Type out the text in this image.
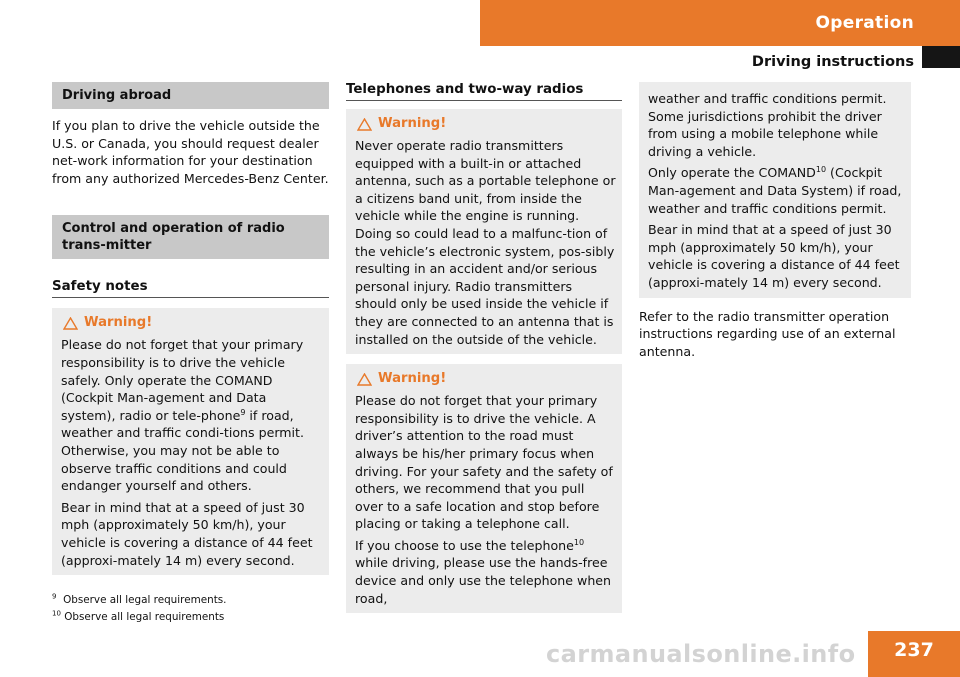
Operation
Driving instructions
Driving abroad

If you plan to drive the vehicle outside the U.S. or Canada, you should request dealer net-work information for your destination from any authorized Mercedes-Benz Center.

Control and operation of radio trans-mitter
Safety notes
Warning!

Please do not forget that your primary responsibility is to drive the vehicle safely. Only operate the COMAND (Cockpit Man-agement and Data system), radio or tele-phone$^9$ if road, weather and traffic condi-tions permit. Otherwise, you may not be able to observe traffic conditions and could endanger yourself and others.

Bear in mind that at a speed of just 30 mph (approximately 50 km/h), your vehicle is covering a distance of 44 feet (approxi-mately 14 m) every second.

Telephones and two-way radios
Warning!

Never operate radio transmitters equipped with a built-in or attached antenna, such as a portable telephone or a citizens band unit, from inside the vehicle while the engine is running. Doing so could lead to a malfunc-tion of the vehicle’s electronic system, pos-sibly resulting in an accident and/or serious personal injury. Radio transmitters should only be used inside the vehicle if they are connected to an antenna that is installed on the outside of the vehicle.

Warning!

Please do not forget that your primary responsibility is to drive the vehicle. A driver’s attention to the road must always be his/her primary focus when driving. For your safety and the safety of others, we recommend that you pull over to a safe location and stop before placing or taking a telephone call.

If you choose to use the telephone$^{10}$ while driving, please use the hands-free device and only use the telephone when road,

weather and traffic conditions permit. Some jurisdictions prohibit the driver from using a mobile telephone while driving a vehicle.

Only operate the COMAND$^{10}$ (Cockpit Man-agement and Data System) if road, weather and traffic conditions permit.

Bear in mind that at a speed of just 30 mph (approximately 50 km/h), your vehicle is covering a distance of 44 feet (approxi-mately 14 m) every second.

Refer to the radio transmitter operation instructions regarding use of an external antenna.

$^9$ Observe all legal requirements.
$^{10}$ Observe all legal requirements
237
carmanualsonline.info
